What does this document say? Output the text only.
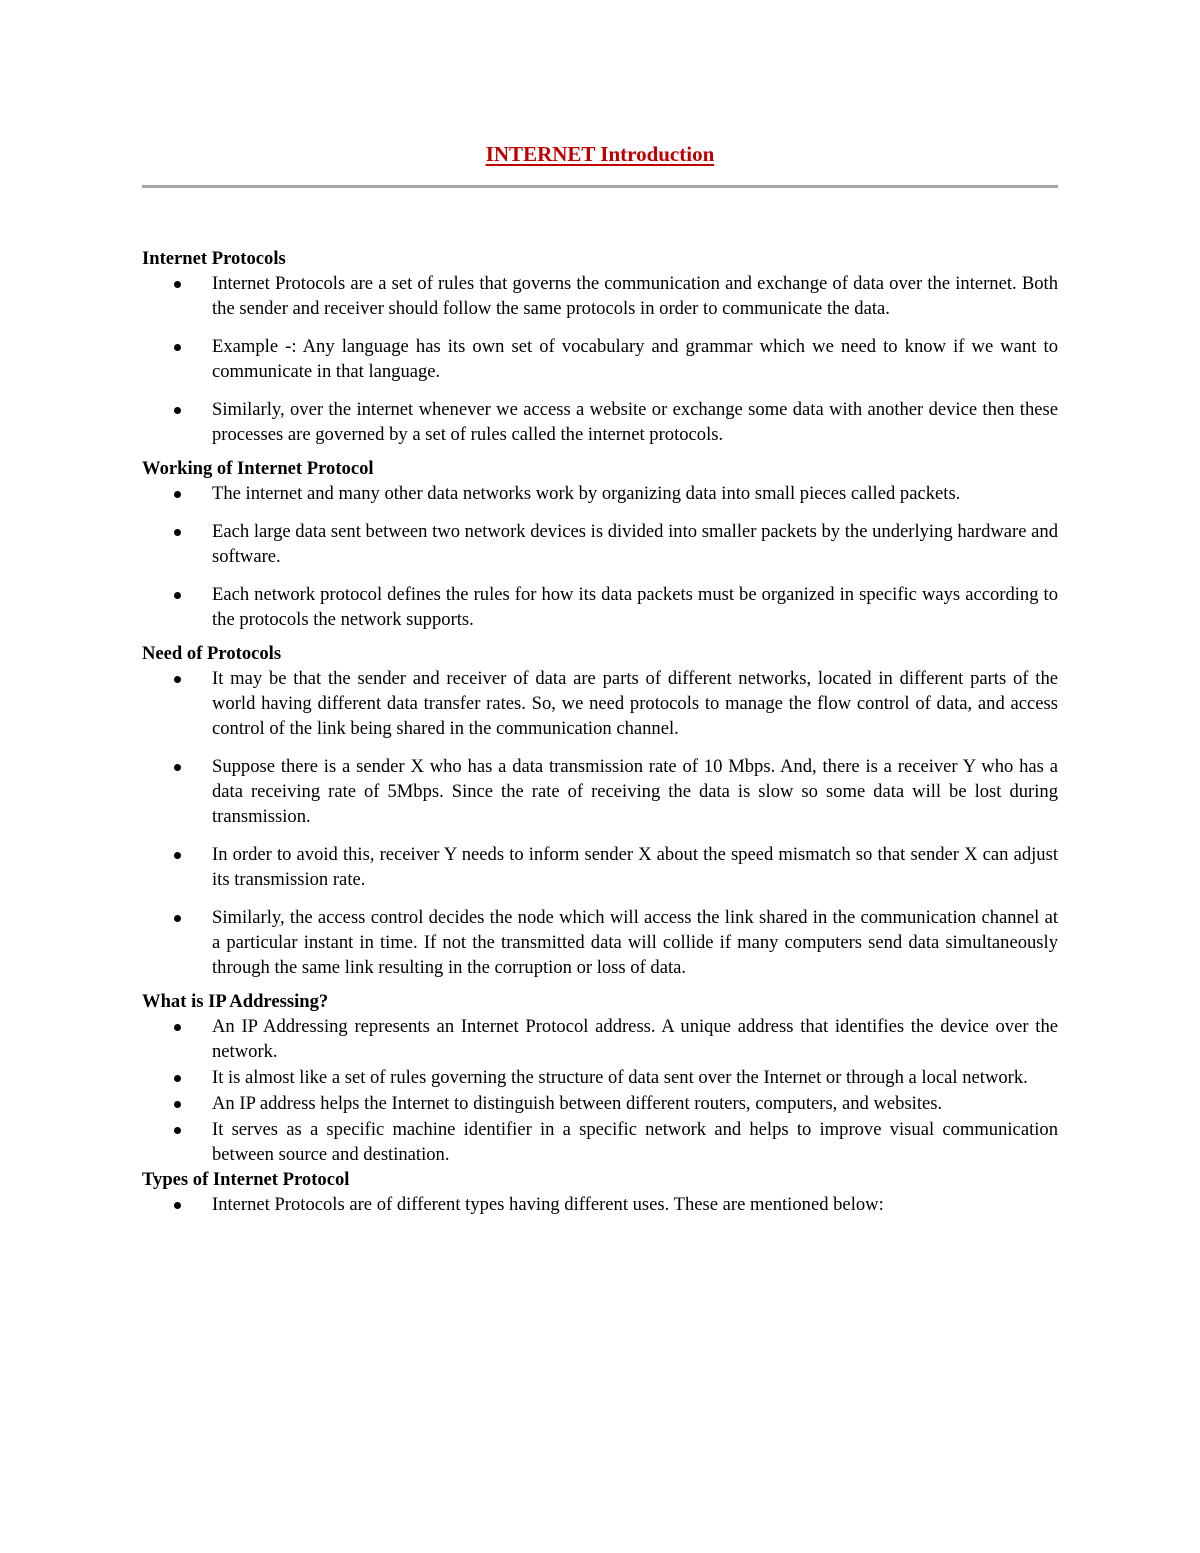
INTERNET Introduction

Internet Protocols

Internet Protocols are a set of rules that governs the communication and exchange of data over the internet. Both the sender and receiver should follow the same protocols in order to communicate the data.
Example -: Any language has its own set of vocabulary and grammar which we need to know if we want to communicate in that language.
Similarly, over the internet whenever we access a website or exchange some data with another device then these processes are governed by a set of rules called the internet protocols.

Working of Internet Protocol

The internet and many other data networks work by organizing data into small pieces called packets.
Each large data sent between two network devices is divided into smaller packets by the underlying hardware and software.
Each network protocol defines the rules for how its data packets must be organized in specific ways according to the protocols the network supports.

Need of Protocols

It may be that the sender and receiver of data are parts of different networks, located in different parts of the world having different data transfer rates. So, we need protocols to manage the flow control of data, and access control of the link being shared in the communication channel.
Suppose there is a sender X who has a data transmission rate of 10 Mbps. And, there is a receiver Y who has a data receiving rate of 5Mbps. Since the rate of receiving the data is slow so some data will be lost during transmission.
In order to avoid this, receiver Y needs to inform sender X about the speed mismatch so that sender X can adjust its transmission rate.
Similarly, the access control decides the node which will access the link shared in the communication channel at a particular instant in time. If not the transmitted data will collide if many computers send data simultaneously through the same link resulting in the corruption or loss of data.

What is IP Addressing?

An IP Addressing represents an Internet Protocol address. A unique address that identifies the device over the network.
It is almost like a set of rules governing the structure of data sent over the Internet or through a local network.
An IP address helps the Internet to distinguish between different routers, computers, and websites.
It serves as a specific machine identifier in a specific network and helps to improve visual communication between source and destination.

Types of Internet Protocol

Internet Protocols are of different types having different uses. These are mentioned below:
